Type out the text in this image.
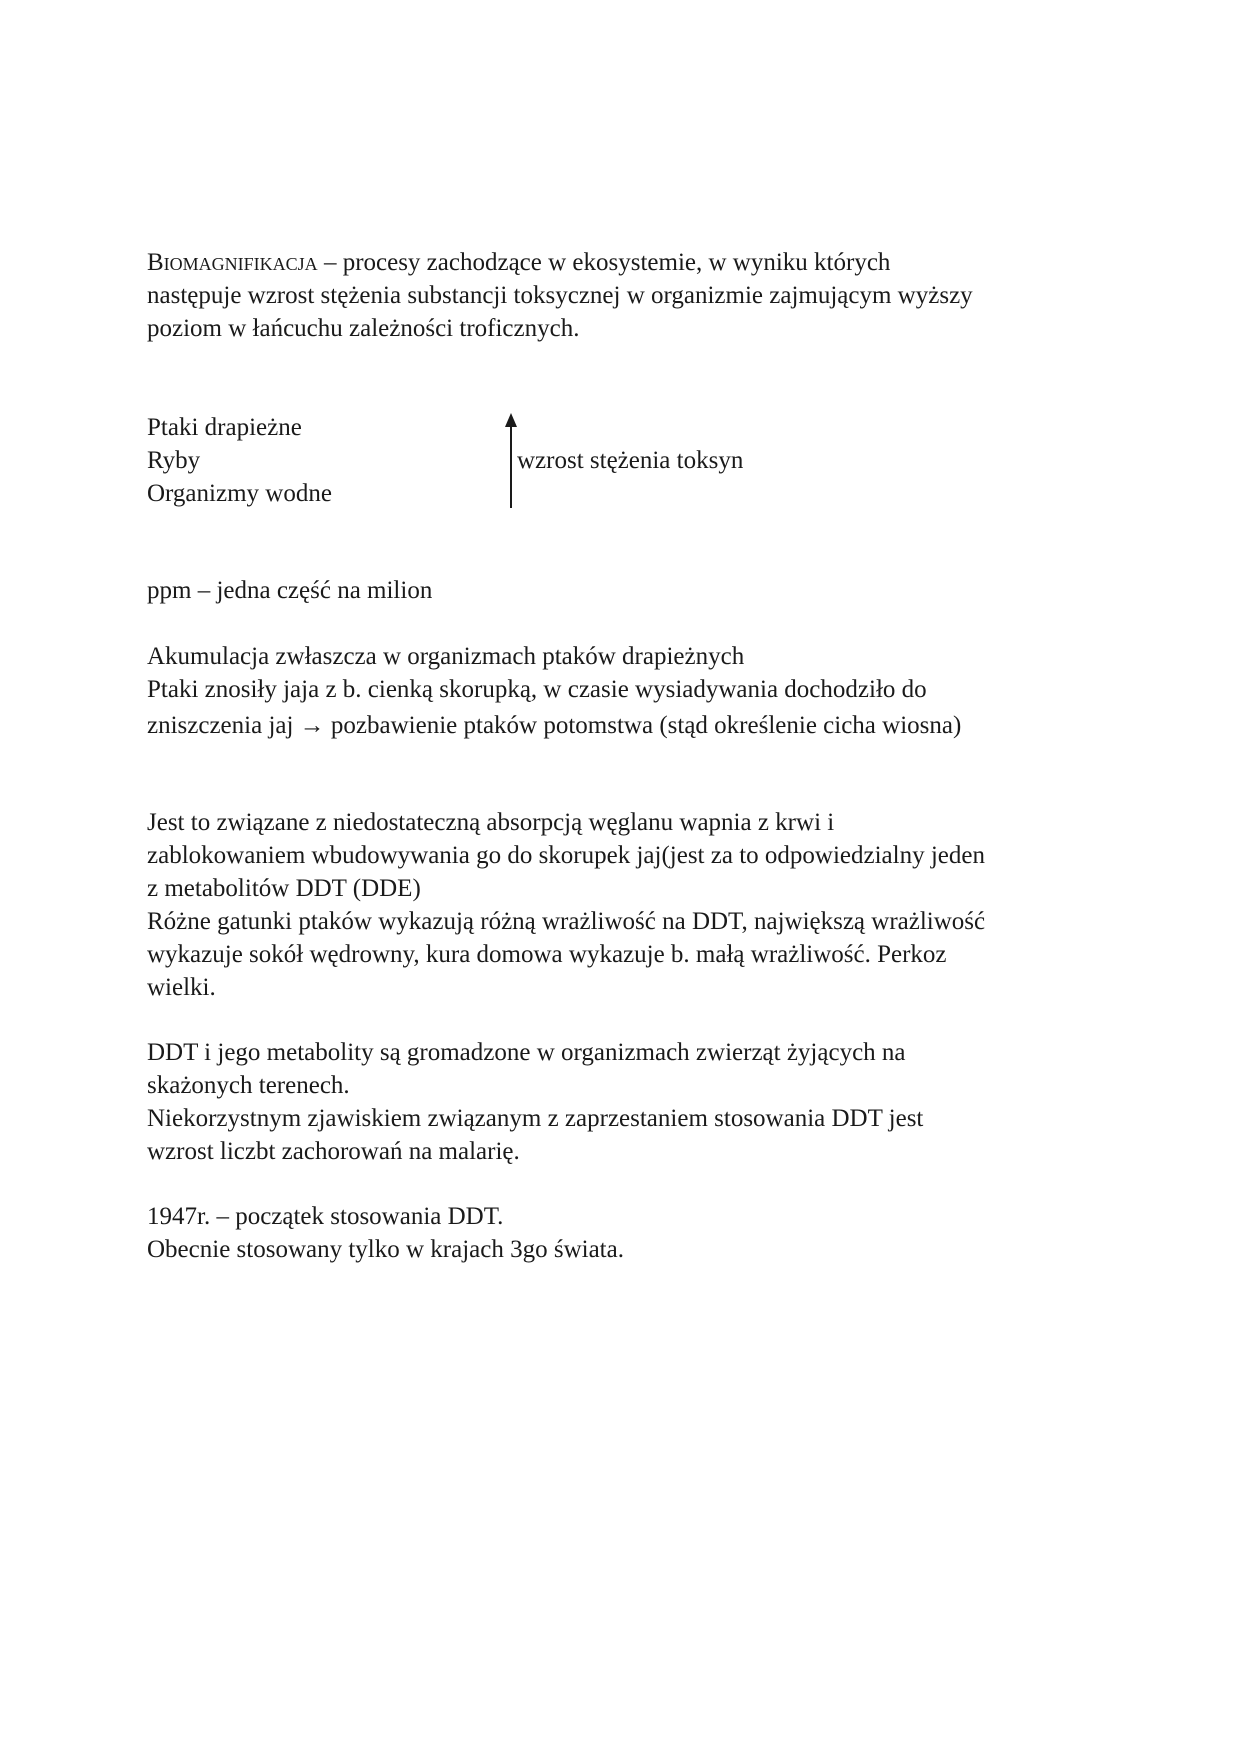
Biomagnifikacja – procesy zachodzące w ekosystemie, w wyniku których
następuje wzrost stężenia substancji toksycznej w organizmie zajmującym wyższy
poziom w łańcuchu zależności troficznych.
Ptaki drapieżne
Ryby
Organizmy wodne
wzrost stężenia toksyn
ppm – jedna część na milion
Akumulacja zwłaszcza w organizmach ptaków drapieżnych
Ptaki znosiły jaja z b. cienką skorupką, w czasie wysiadywania dochodziło do
zniszczenia jaj → pozbawienie ptaków potomstwa (stąd określenie cicha wiosna)
Jest to związane z niedostateczną absorpcją węglanu wapnia z krwi i
zablokowaniem wbudowywania go do skorupek jaj(jest za to odpowiedzialny jeden
z metabolitów DDT (DDE)
Różne gatunki ptaków wykazują różną wrażliwość na DDT, największą wrażliwość
wykazuje sokół wędrowny, kura domowa wykazuje b. małą wrażliwość. Perkoz
wielki.
DDT i jego metabolity są gromadzone w organizmach zwierząt żyjących na
skażonych terenech.
Niekorzystnym zjawiskiem związanym z zaprzestaniem stosowania DDT jest
wzrost liczbt zachorowań na malarię.
1947r. – początek stosowania DDT.
Obecnie stosowany tylko w krajach 3go świata.
